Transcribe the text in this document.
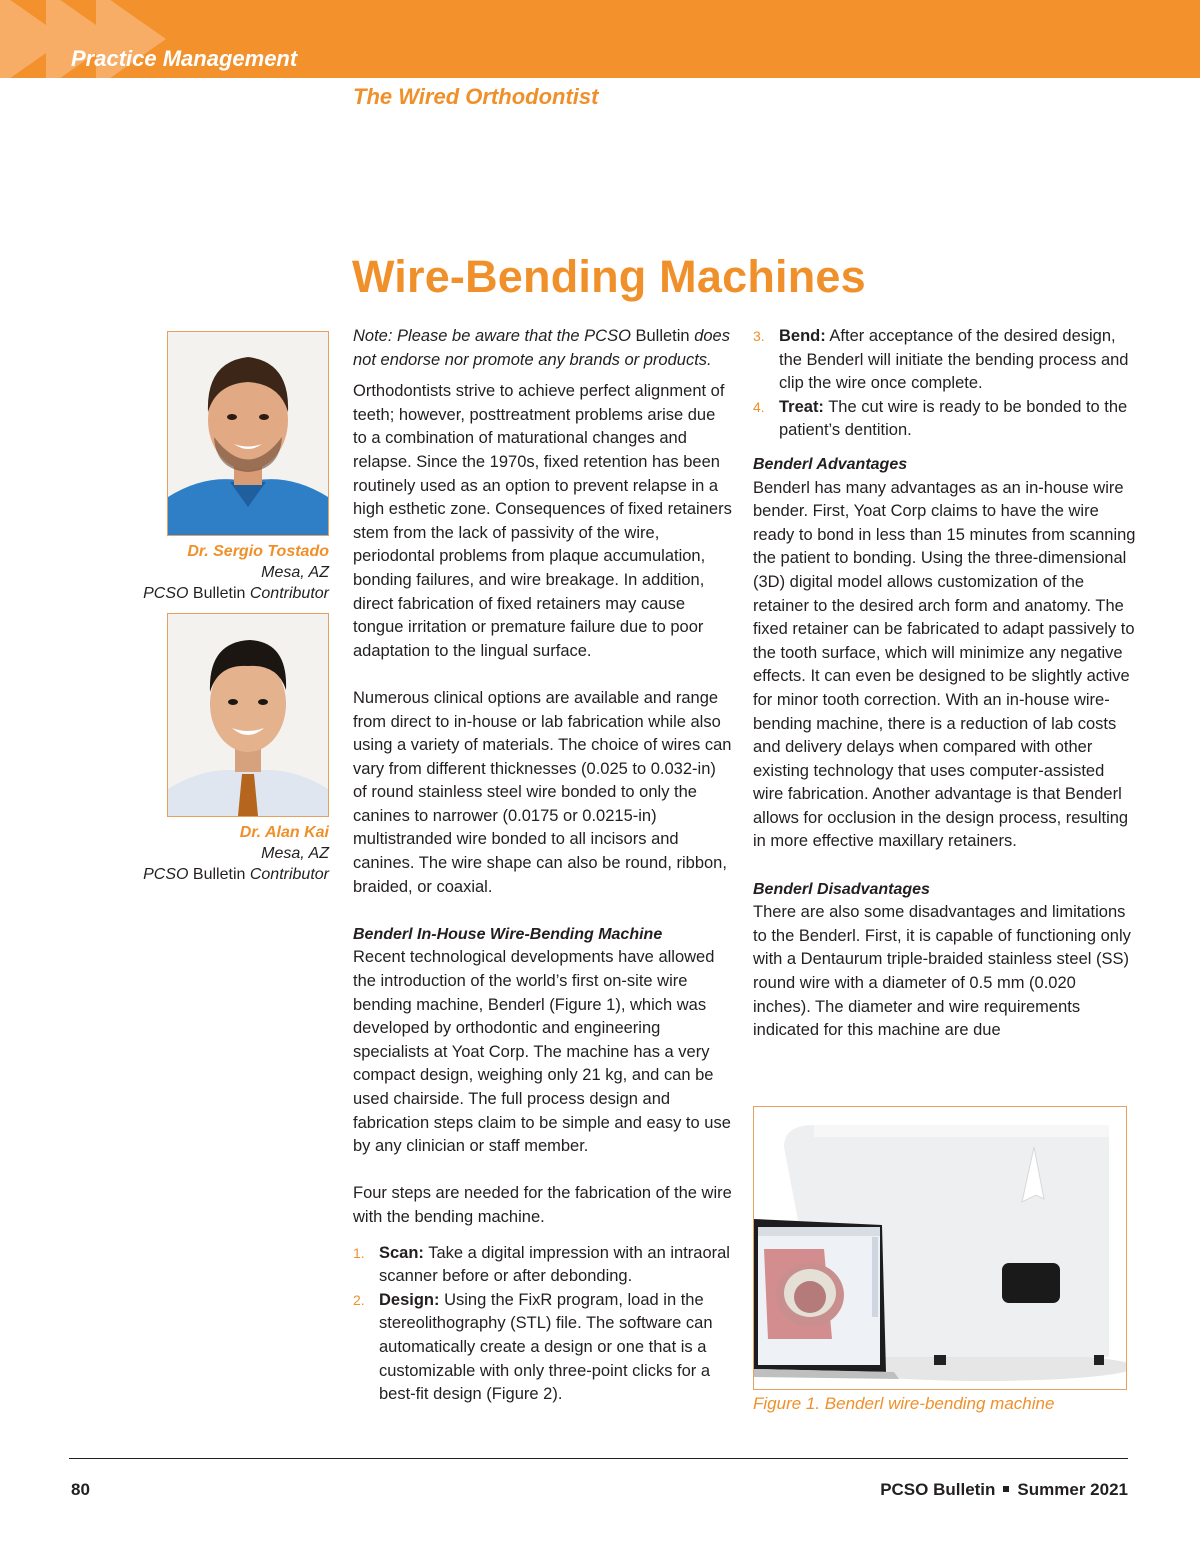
Practice Management
The Wired Orthodontist
Wire-Bending Machines
Dr. Sergio Tostado
Mesa, AZ
PCSO Bulletin Contributor
Dr. Alan Kai
Mesa, AZ
PCSO Bulletin Contributor

Note: Please be aware that the PCSO Bulletin does not endorse nor promote any brands or products.

Orthodontists strive to achieve perfect alignment of teeth; however, posttreatment problems arise due to a combination of maturational changes and relapse. Since the 1970s, fixed retention has been routinely used as an option to prevent relapse in a high esthetic zone. Consequences of fixed retainers stem from the lack of passivity of the wire, periodontal problems from plaque accumulation, bonding failures, and wire breakage. In addition, direct fabrication of fixed retainers may cause tongue irritation or premature failure due to poor adaptation to the lingual surface.

Numerous clinical options are available and range from direct to in-house or lab fabrication while also using a variety of materials. The choice of wires can vary from different thicknesses (0.025 to 0.032-in) of round stainless steel wire bonded to only the canines to narrower (0.0175 or 0.0215-in) multistranded wire bonded to all incisors and canines. The wire shape can also be round, ribbon, braided, or coaxial.

Benderl In-House Wire-Bending Machine

Recent technological developments have allowed the introduction of the world’s first on-site wire bending machine, Benderl (Figure 1), which was developed by orthodontic and engineering specialists at Yoat Corp. The machine has a very compact design, weighing only 21 kg, and can be used chairside. The full process design and fabrication steps claim to be simple and easy to use by any clinician or staff member.

Four steps are needed for the fabrication of the wire with the bending machine.

1. Scan: Take a digital impression with an intraoral scanner before or after debonding.
2. Design: Using the FixR program, load in the stereolithography (STL) file. The software can automatically create a design or one that is a customizable with only three-point clicks for a best-fit design (Figure 2).
3. Bend: After acceptance of the desired design, the Benderl will initiate the bending process and clip the wire once complete.
4. Treat: The cut wire is ready to be bonded to the patient’s dentition.
Benderl Advantages

Benderl has many advantages as an in-house wire bender. First, Yoat Corp claims to have the wire ready to bond in less than 15 minutes from scanning the patient to bonding. Using the three-dimensional (3D) digital model allows customization of the retainer to the desired arch form and anatomy. The fixed retainer can be fabricated to adapt passively to the tooth surface, which will minimize any negative effects. It can even be designed to be slightly active for minor tooth correction. With an in-house wire-bending machine, there is a reduction of lab costs and delivery delays when compared with other existing technology that uses computer-assisted wire fabrication. Another advantage is that Benderl allows for occlusion in the design process, resulting in more effective maxillary retainers.

Benderl Disadvantages

There are also some disadvantages and limitations to the Benderl. First, it is capable of functioning only with a Dentaurum triple-braided stainless steel (SS) round wire with a diameter of 0.5 mm (0.020 inches). The diameter and wire requirements indicated for this machine are due

Figure 1. Benderl wire-bending machine
80	PCSO Bulletin Summer 2021
